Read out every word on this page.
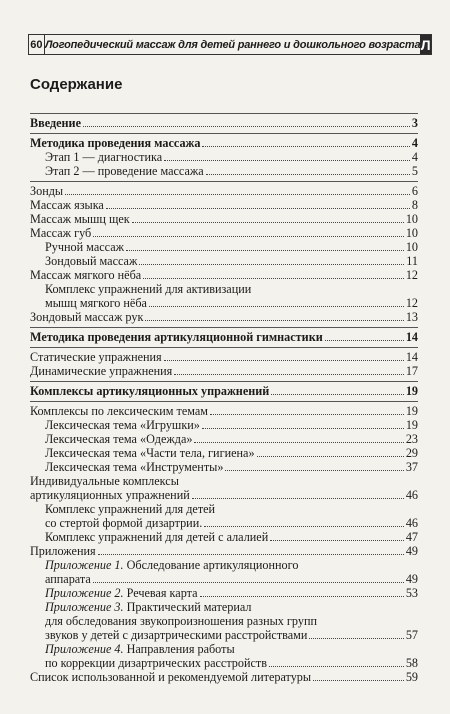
60 Логопедический массаж для детей раннего и дошкольного возраста Л
Содержание
Введение	3
Методика проведения массажа	4
Этап 1 — диагностика	4
Этап 2 — проведение массажа	5
Зонды	6
Массаж языка	8
Массаж мышц щек	10
Массаж губ	10
Ручной массаж	10
Зондовый массаж	11
Массаж мягкого нёба	12
Комплекс упражнений для активизации
мышц мягкого нёба	12
Зондовый массаж рук	13
Методика проведения артикуляционной гимнастики	14
Статические упражнения	14
Динамические упражнения	17
Комплексы артикуляционных упражнений	19
Комплексы по лексическим темам	19
Лексическая тема «Игрушки»	19
Лексическая тема «Одежда»	23
Лексическая тема «Части тела, гигиена»	29
Лексическая тема «Инструменты»	37
Индивидуальные комплексы
артикуляционных упражнений	46
Комплекс упражнений для детей
со стертой формой дизартрии.	46
Комплекс упражнений для детей с алалией	47
Приложения	49
Приложение 1. Обследование артикуляционного
аппарата	49
Приложение 2. Речевая карта	53
Приложение 3. Практический материал
для обследования звукопроизношения разных групп
звуков у детей с дизартрическими расстройствами	57
Приложение 4. Направления работы
по коррекции дизартрических расстройств	58
Список использованной и рекомендуемой литературы	59
